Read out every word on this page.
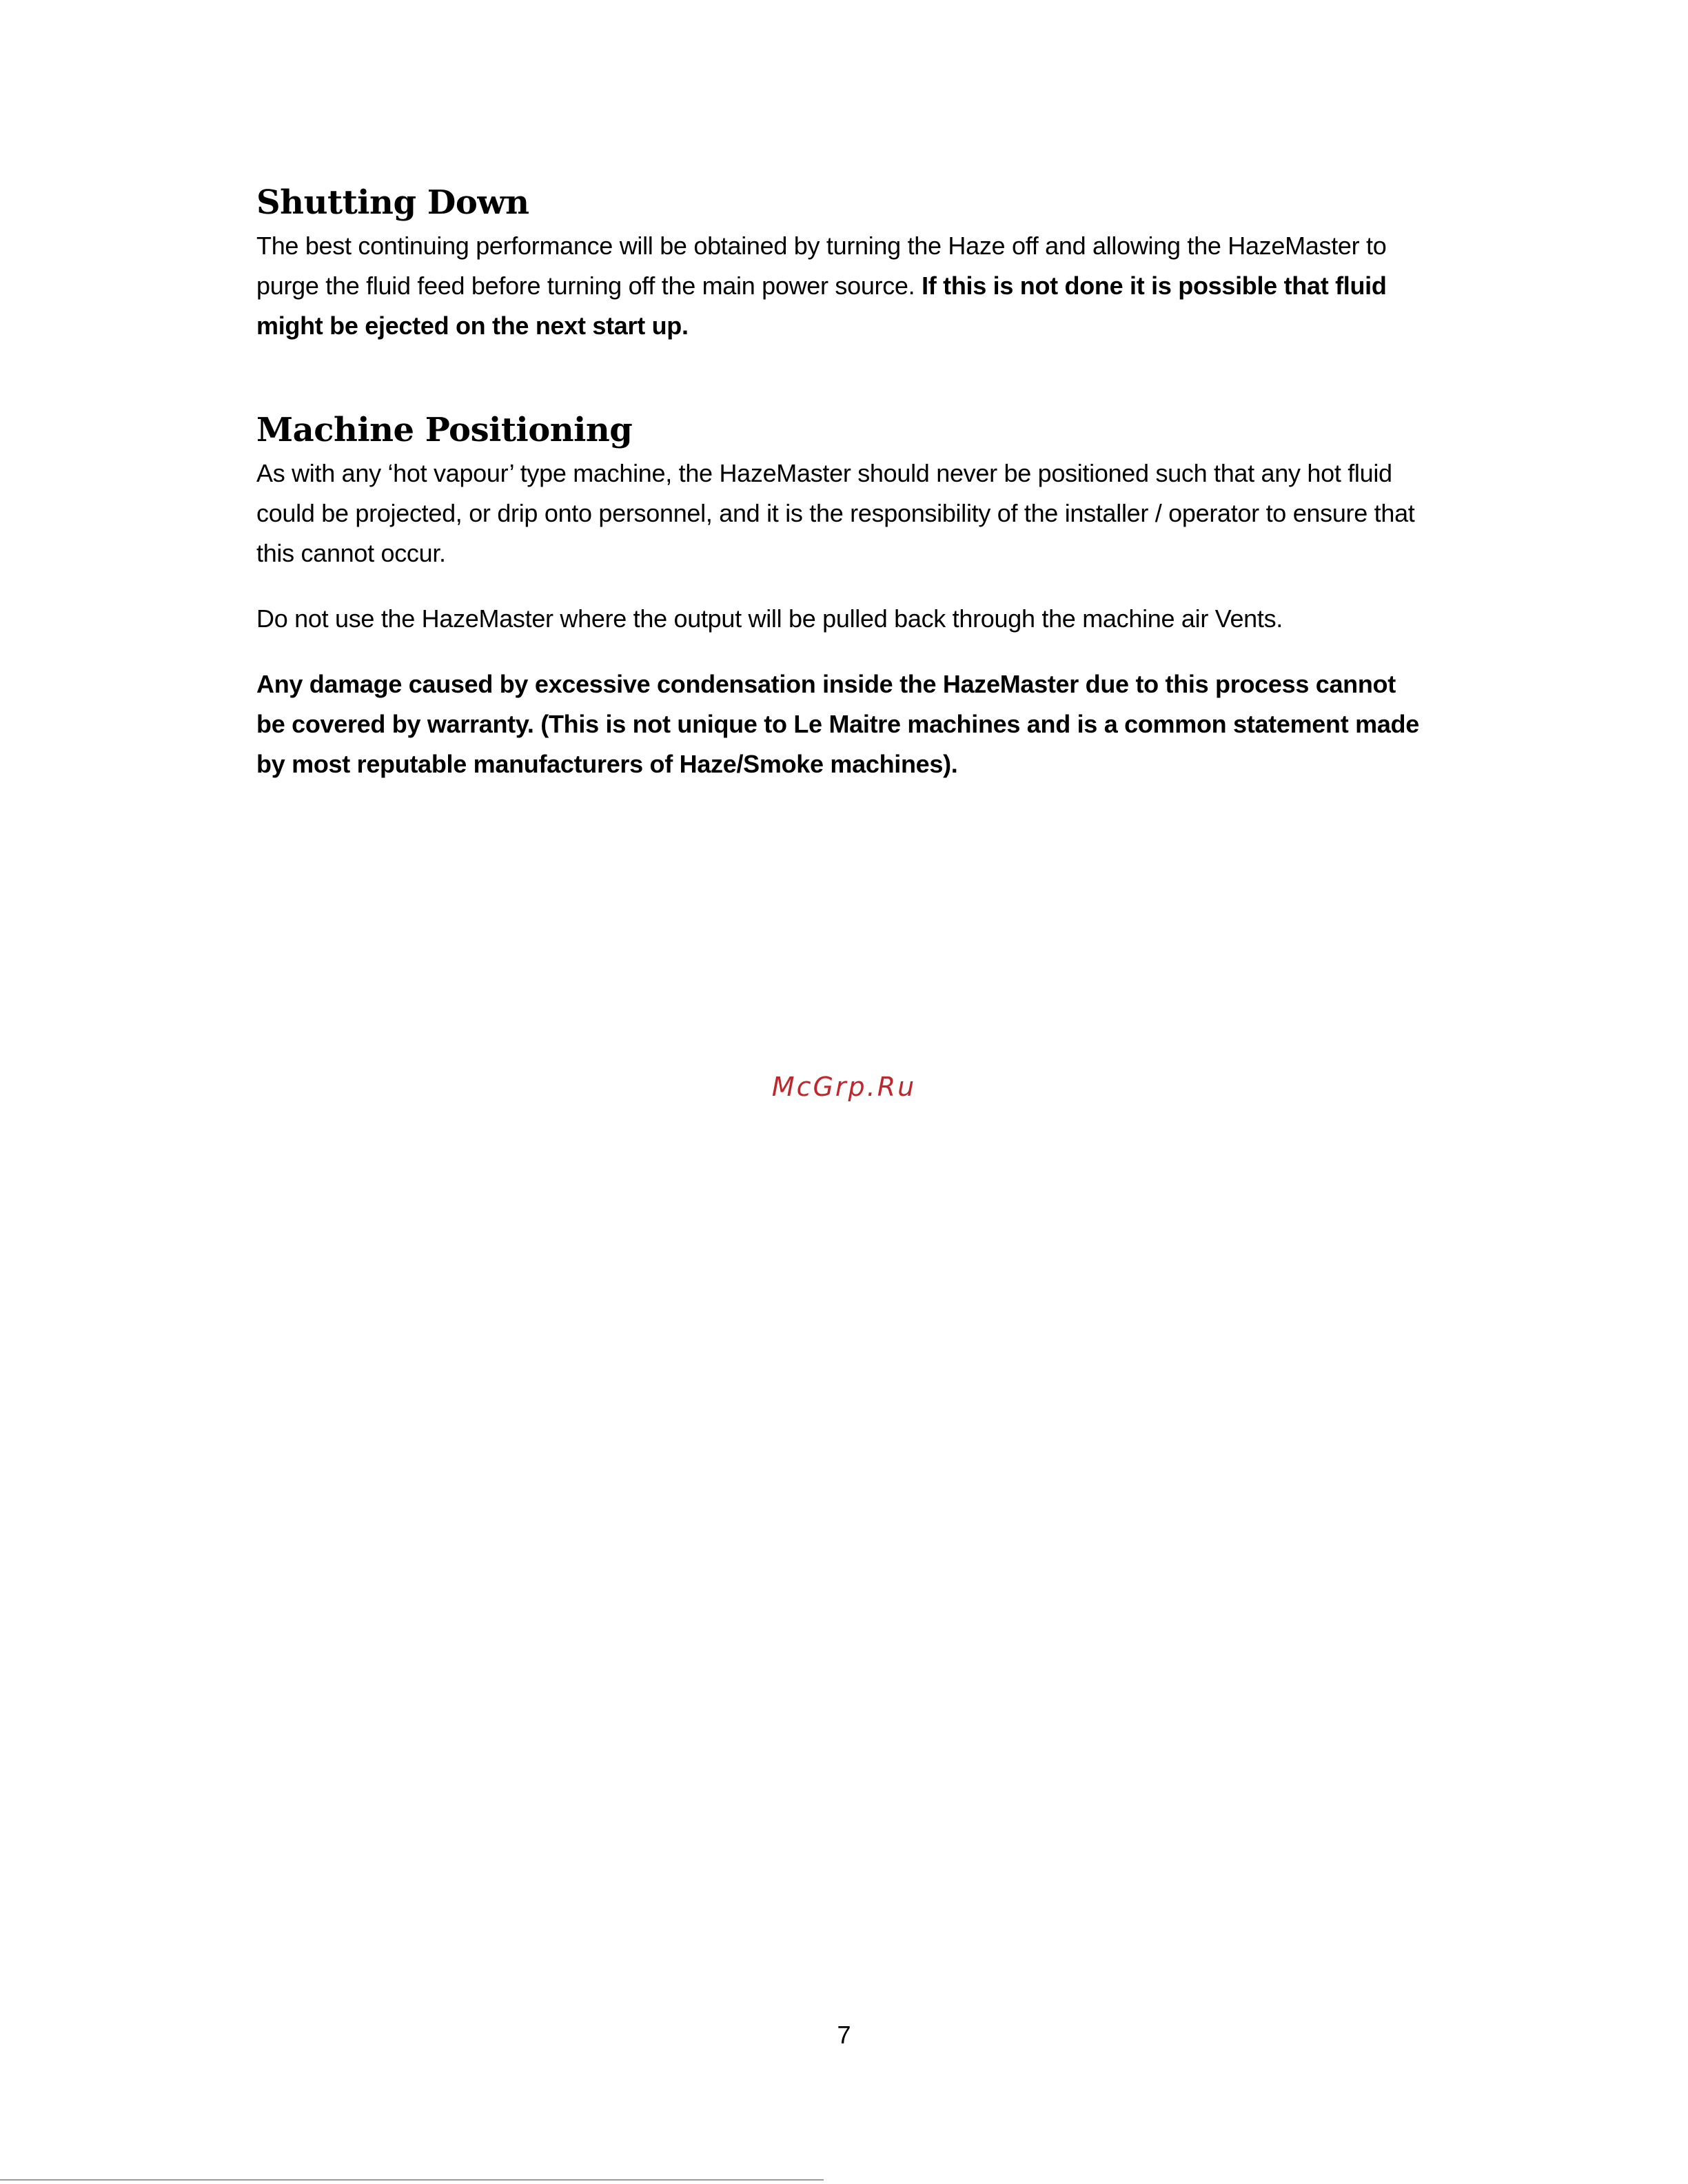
Shutting Down

The best continuing performance will be obtained by turning the Haze off and allowing the HazeMaster to purge the fluid feed before turning off the main power source. If this is not done it is possible that fluid might be ejected on the next start up.

Machine Positioning

As with any ‘hot vapour’ type machine, the HazeMaster should never be positioned such that any hot fluid could be projected, or drip onto personnel, and it is the responsibility of the installer / operator to ensure that this cannot occur.

Do not use the HazeMaster where the output will be pulled back through the machine air Vents.

Any damage caused by excessive condensation inside the HazeMaster due to this process cannot be covered by warranty. (This is not unique to Le Maitre machines and is a common statement made by most reputable manufacturers of Haze/Smoke machines).

McGrp.Ru
7
